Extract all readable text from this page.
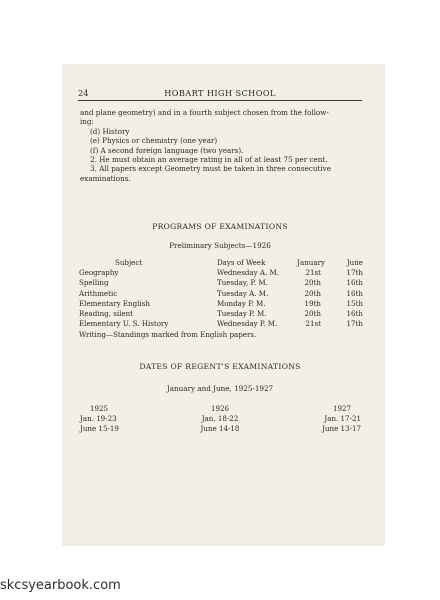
24	HOBART HIGH SCHOOL
and plane geometry) and in a fourth subject chosen from the follow-
ing:
(d) History
(e) Physics or chemistry (one year)
(f) A second foreign language (two years).
2. He must obtain an average rating in all of at least 75 per cent.
3. All papers except Geometry must be taken in three consecutive
examinations.
PROGRAMS OF EXAMINATIONS
Preliminary Subjects—1926
Subject	Days of Week	January	June
Geography	Wednesday A. M.	21st	17th
Spelling	Tuesday, P. M.	20th	16th
Arithmetic	Tuesday A. M.	20th	16th
Elementary English	Monday P. M.	19th	15th
Reading, silent	Tuesday P. M.	20th	16th
Elementary U. S. History	Wednesday P. M.	21st	17th
Writing—Standings marked from English papers.
DATES OF REGENT'S EXAMINATIONS
January and June, 1925-1927
1925	1926	1927
Jan. 19-23	Jan. 18-22	Jan. 17-21
June 15-19	June 14-18	June 13-17
skcsyearbook.com
